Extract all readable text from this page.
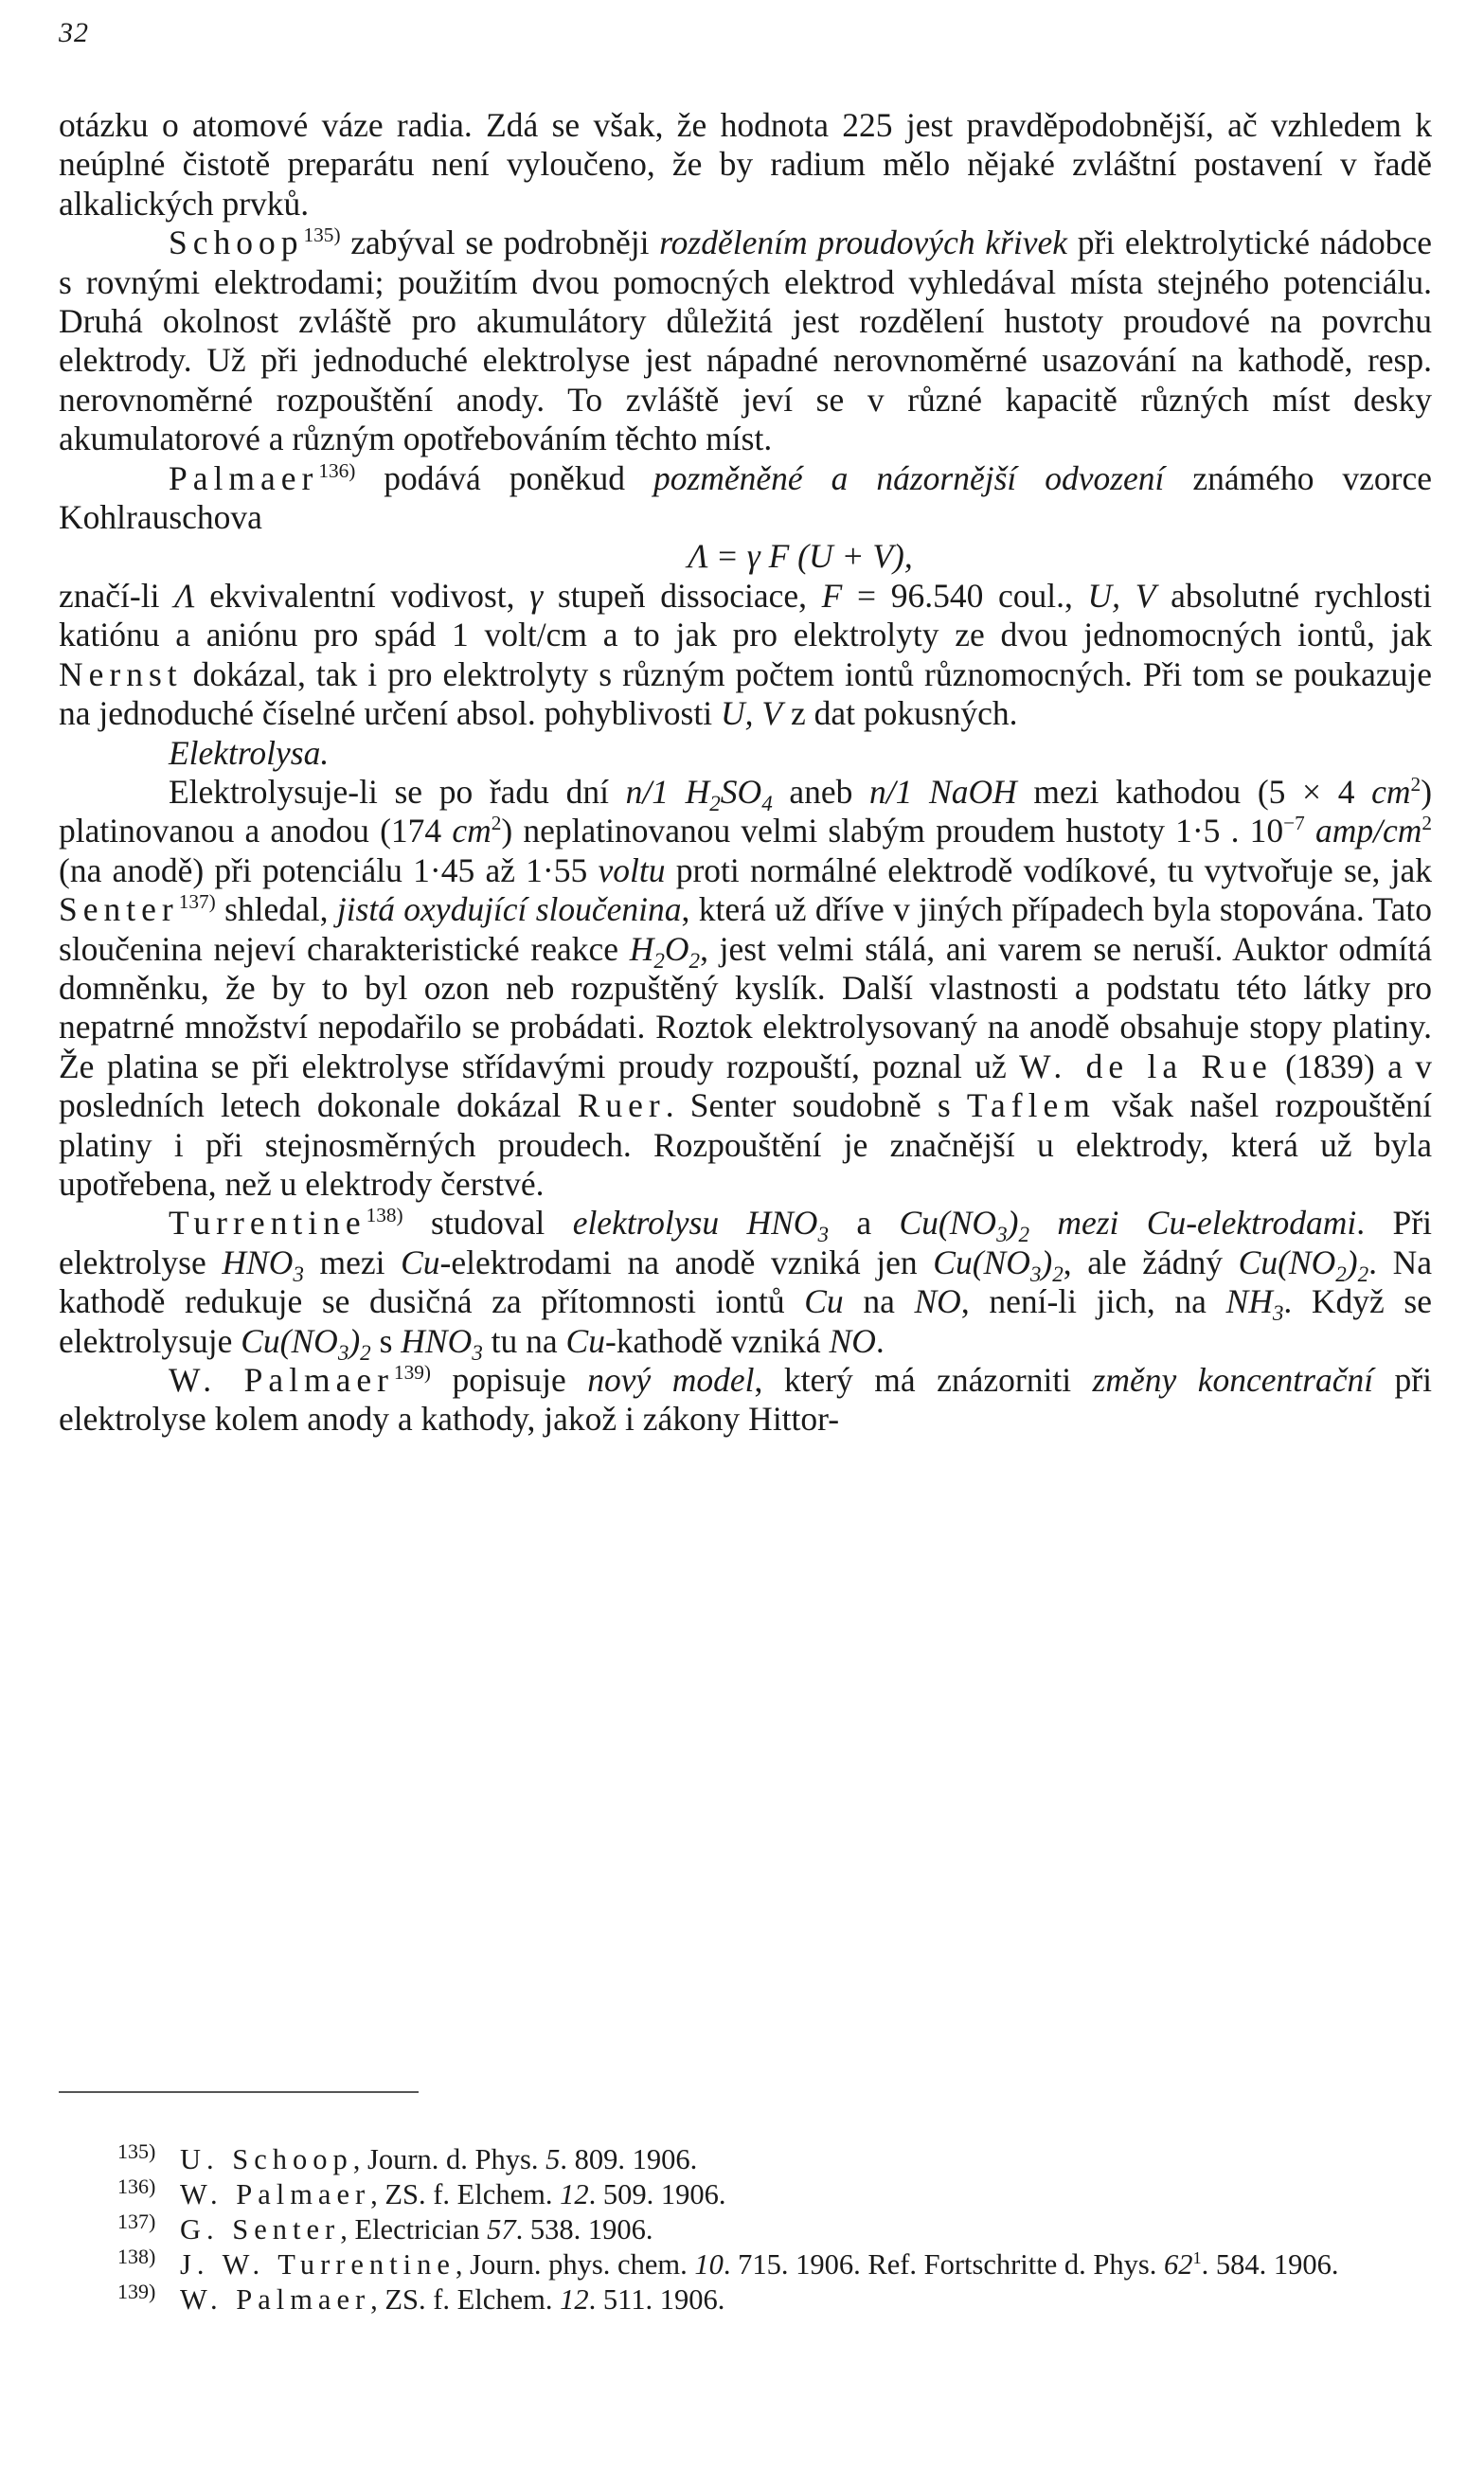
32

otázku o atomové váze radia. Zdá se však, že hodnota 225 jest pravděpodobnější, ač vzhledem k neúplné čistotě preparátu není vyloučeno, že by radium mělo nějaké zvláštní postavení v řadě alkalických prvků.

Schoop$^{135)}$ zabýval se podrobněji rozdělením proudových křivek při elektrolytické nádobce s rovnými elektrodami; použitím dvou pomocných elektrod vyhledával místa stejného potenciálu. Druhá okolnost zvláště pro akumulátory důležitá jest rozdělení hustoty proudové na povrchu elektrody. Už při jednoduché elektrolyse jest nápadné nerovnoměrné usazování na kathodě, resp. nerovnoměrné rozpouštění anody. To zvláště jeví se v různé kapacitě různých míst desky akumulatorové a různým opotřebováním těchto míst.

Palmaer$^{136)}$ podává poněkud pozměněné a názornější odvození známého vzorce Kohlrauschova

Λ = γ F (U + V),

značí-li Λ ekvivalentní vodivost, γ stupeň dissociace, F = 96.540 coul., U, V absolutné rychlosti katiónu a aniónu pro spád 1 volt/cm a to jak pro elektrolyty ze dvou jednomocných iontů, jak Nernst dokázal, tak i pro elektrolyty s různým počtem iontů různomocných. Při tom se poukazuje na jednoduché číselné určení absol. pohyblivosti U, V z dat pokusných.

Elektrolysa.

Elektrolysuje-li se po řadu dní n/1 $H_2SO_4$ aneb n/1 NaOH mezi kathodou (5 × 4 $cm^2$) platinovanou a anodou (174 $cm^2$) neplatinovanou velmi slabým proudem hustoty 1·5 . $10^{-7}$ amp/$cm^2$ (na anodě) při potenciálu 1·45 až 1·55 voltu proti normálné elektrodě vodíkové, tu vytvořuje se, jak Senter$^{137)}$ shledal, jistá oxydující sloučenina, která už dříve v jiných případech byla stopována. Tato sloučenina nejeví charakteristické reakce $H_2O_2$, jest velmi stálá, ani varem se neruší. Auktor odmítá domněnku, že by to byl ozon neb rozpuštěný kyslík. Další vlastnosti a podstatu této látky pro nepatrné množství nepodařilo se probádati. Roztok elektrolysovaný na anodě obsahuje stopy platiny. Že platina se při elektrolyse střídavými proudy rozpouští, poznal už W. de la Rue (1839) a v posledních letech dokonale dokázal Ruer. Senter soudobně s Taflem však našel rozpouštění platiny i při stejnosměrných proudech. Rozpouštění je značnější u elektrody, která už byla upotřebena, než u elektrody čerstvé.

Turrentine$^{138)}$ studoval elektrolysu $HNO_3$ a $Cu(NO_3)_2$ mezi Cu-elektrodami. Při elektrolyse $HNO_3$ mezi Cu-elektrodami na anodě vzniká jen $Cu(NO_3)_2$, ale žádný $Cu(NO_2)_2$. Na kathodě redukuje se dusičná za přítomnosti iontů Cu na NO, není-li jich, na $NH_3$. Když se elektrolysuje $Cu(NO_3)_2$ s $HNO_3$ tu na Cu-kathodě vzniká NO.

W. Palmaer$^{139)}$ popisuje nový model, který má znázorniti změny koncentrační při elektrolyse kolem anody a kathody, jakož i zákony Hittor-

135) U. Schoop, Journ. d. Phys. 5. 809. 1906.

136) W. Palmaer, ZS. f. Elchem. 12. 509. 1906.

137) G. Senter, Electrician 57. 538. 1906.

138) J. W. Turrentine, Journ. phys. chem. 10. 715. 1906. Ref. Fortschritte d. Phys. $62^1$. 584. 1906.

139) W. Palmaer, ZS. f. Elchem. 12. 511. 1906.
